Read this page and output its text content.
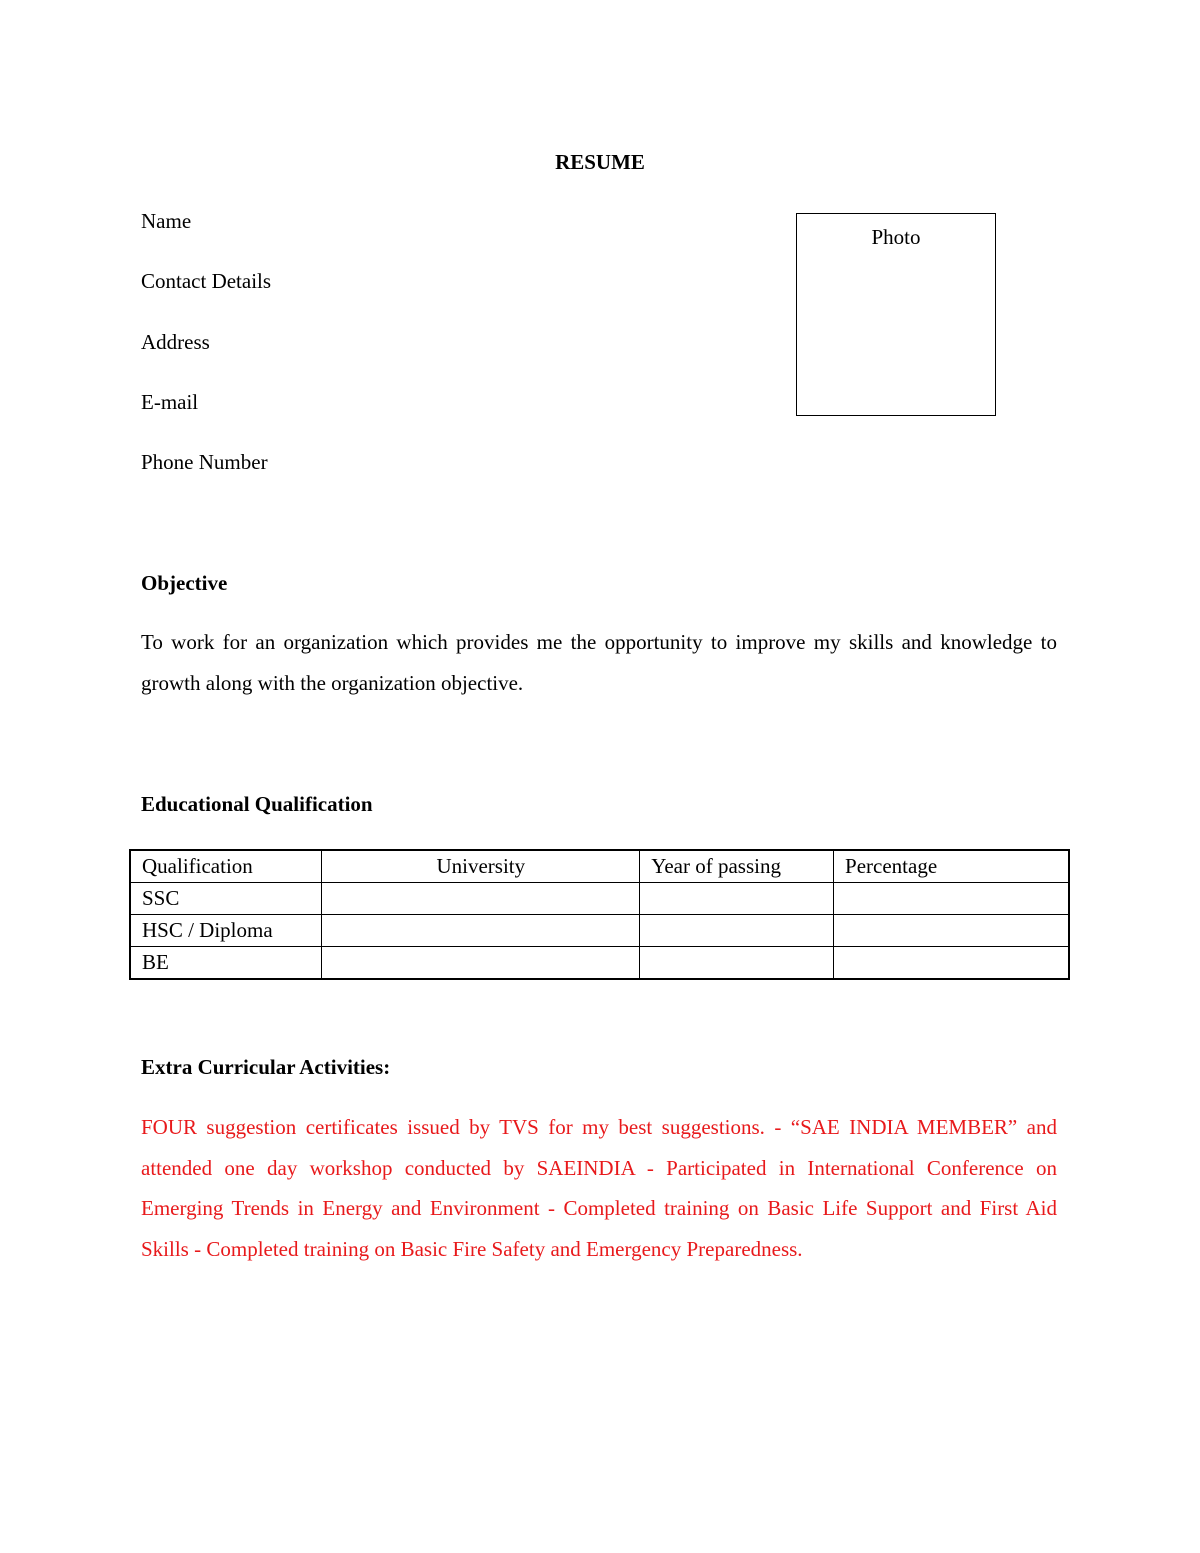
RESUME
Name
Contact Details
Address
E-mail
Phone Number
Photo
Objective
To work for an organization which provides me the opportunity to improve my skills and knowledge to growth along with the organization objective.
Educational Qualification
Qualification	University	Year of passing	Percentage
SSC			
HSC / Diploma			
BE			
Extra Curricular Activities:
FOUR suggestion certificates issued by TVS for my best suggestions. - “SAE INDIA MEMBER” and attended one day workshop conducted by SAEINDIA - Participated in International Conference on Emerging Trends in Energy and Environment - Completed training on Basic Life Support and First Aid Skills - Completed training on Basic Fire Safety and Emergency Preparedness.
